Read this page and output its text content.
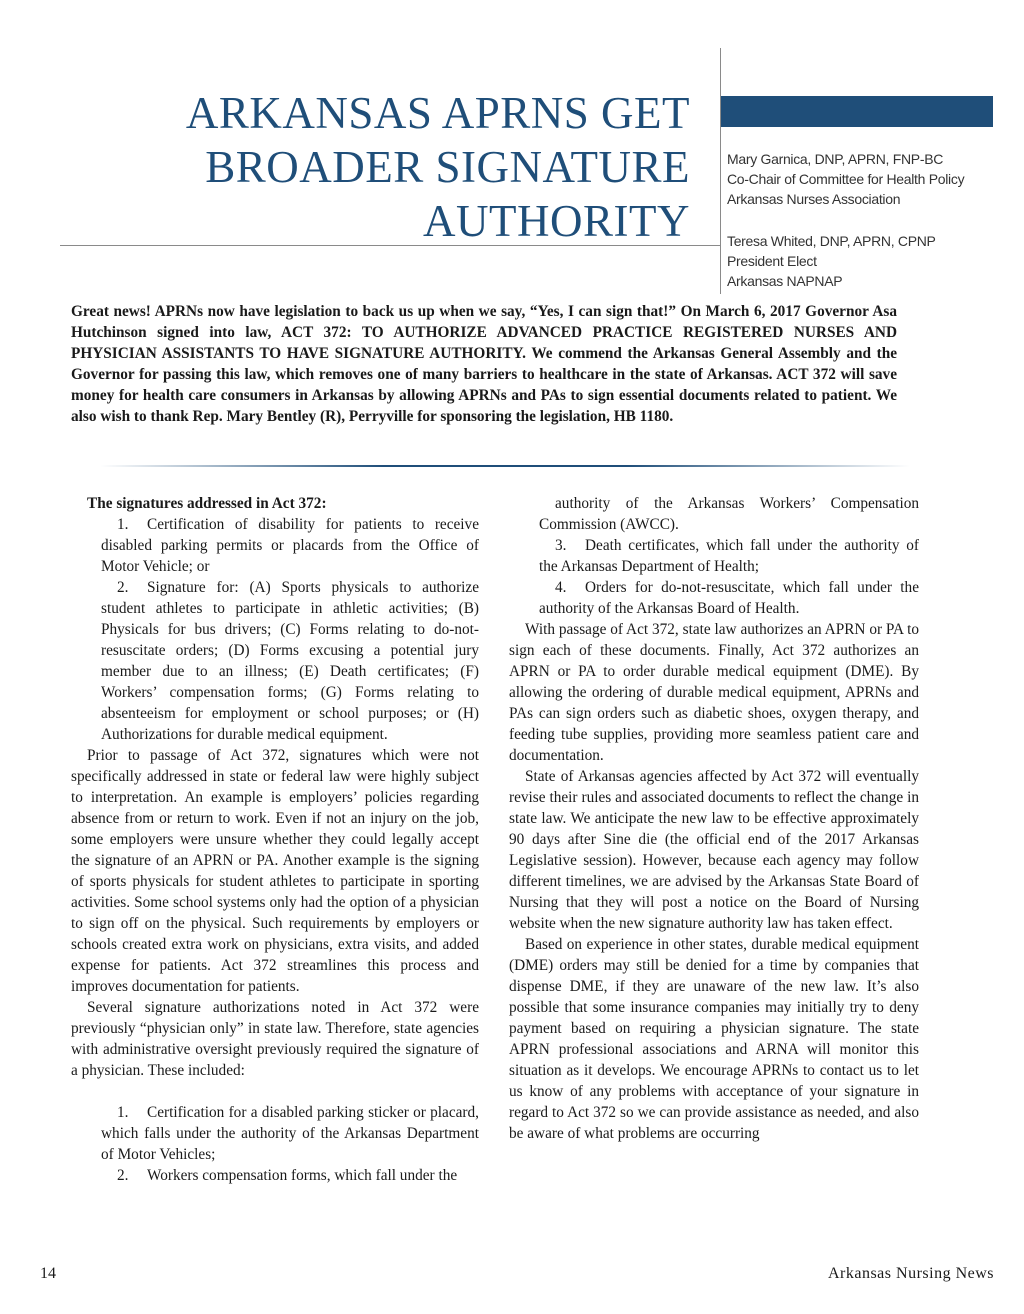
ARKANSAS APRNS GET
BROADER SIGNATURE
AUTHORITY
Mary Garnica, DNP, APRN, FNP-BC
Co-Chair of Committee for Health Policy
Arkansas Nurses Association
Teresa Whited, DNP, APRN, CPNP
President Elect
Arkansas NAPNAP

Great news! APRNs now have legislation to back us up when we say, “Yes, I can sign that!” On March 6, 2017 Governor Asa Hutchinson signed into law, ACT 372: TO AUTHORIZE ADVANCED PRACTICE REGISTERED NURSES AND PHYSICIAN ASSISTANTS TO HAVE SIGNATURE AUTHORITY. We commend the Arkansas General Assembly and the Governor for passing this law, which removes one of many barriers to healthcare in the state of Arkansas. ACT 372 will save money for health care consumers in Arkansas by allowing APRNs and PAs to sign essential documents related to patient. We also wish to thank Rep. Mary Bentley (R), Perryville for sponsoring the legislation, HB 1180.

The signatures addressed in Act 372:

1. Certification of disability for patients to receive disabled parking permits or placards from the Office of Motor Vehicle; or

2. Signature for: (A) Sports physicals to authorize student athletes to participate in athletic activities; (B) Physicals for bus drivers; (C) Forms relating to do-not-resuscitate orders; (D) Forms excusing a potential jury member due to an illness; (E) Death certificates; (F) Workers’ compensation forms; (G) Forms relating to absenteeism for employment or school purposes; or (H) Authorizations for durable medical equipment.

Prior to passage of Act 372, signatures which were not specifically addressed in state or federal law were highly subject to interpretation. An example is employers’ policies regarding absence from or return to work. Even if not an injury on the job, some employers were unsure whether they could legally accept the signature of an APRN or PA. Another example is the signing of sports physicals for student athletes to participate in sporting activities. Some school systems only had the option of a physician to sign off on the physical. Such requirements by employers or schools created extra work on physicians, extra visits, and added expense for patients. Act 372 streamlines this process and improves documentation for patients.

Several signature authorizations noted in Act 372 were previously “physician only” in state law. Therefore, state agencies with administrative oversight previously required the signature of a physician. These included:

1. Certification for a disabled parking sticker or placard, which falls under the authority of the Arkansas Department of Motor Vehicles;

2. Workers compensation forms, which fall under the

authority of the Arkansas Workers’ Compensation Commission (AWCC).

3. Death certificates, which fall under the authority of the Arkansas Department of Health;

4. Orders for do-not-resuscitate, which fall under the authority of the Arkansas Board of Health.

With passage of Act 372, state law authorizes an APRN or PA to sign each of these documents. Finally, Act 372 authorizes an APRN or PA to order durable medical equipment (DME). By allowing the ordering of durable medical equipment, APRNs and PAs can sign orders such as diabetic shoes, oxygen therapy, and feeding tube supplies, providing more seamless patient care and documentation.

State of Arkansas agencies affected by Act 372 will eventually revise their rules and associated documents to reflect the change in state law. We anticipate the new law to be effective approximately 90 days after Sine die (the official end of the 2017 Arkansas Legislative session). However, because each agency may follow different timelines, we are advised by the Arkansas State Board of Nursing that they will post a notice on the Board of Nursing website when the new signature authority law has taken effect.

Based on experience in other states, durable medical equipment (DME) orders may still be denied for a time by companies that dispense DME, if they are unaware of the new law. It’s also possible that some insurance companies may initially try to deny payment based on requiring a physician signature. The state APRN professional associations and ARNA will monitor this situation as it develops. We encourage APRNs to contact us to let us know of any problems with acceptance of your signature in regard to Act 372 so we can provide assistance as needed, and also be aware of what problems are occurring

14	Arkansas Nursing News
